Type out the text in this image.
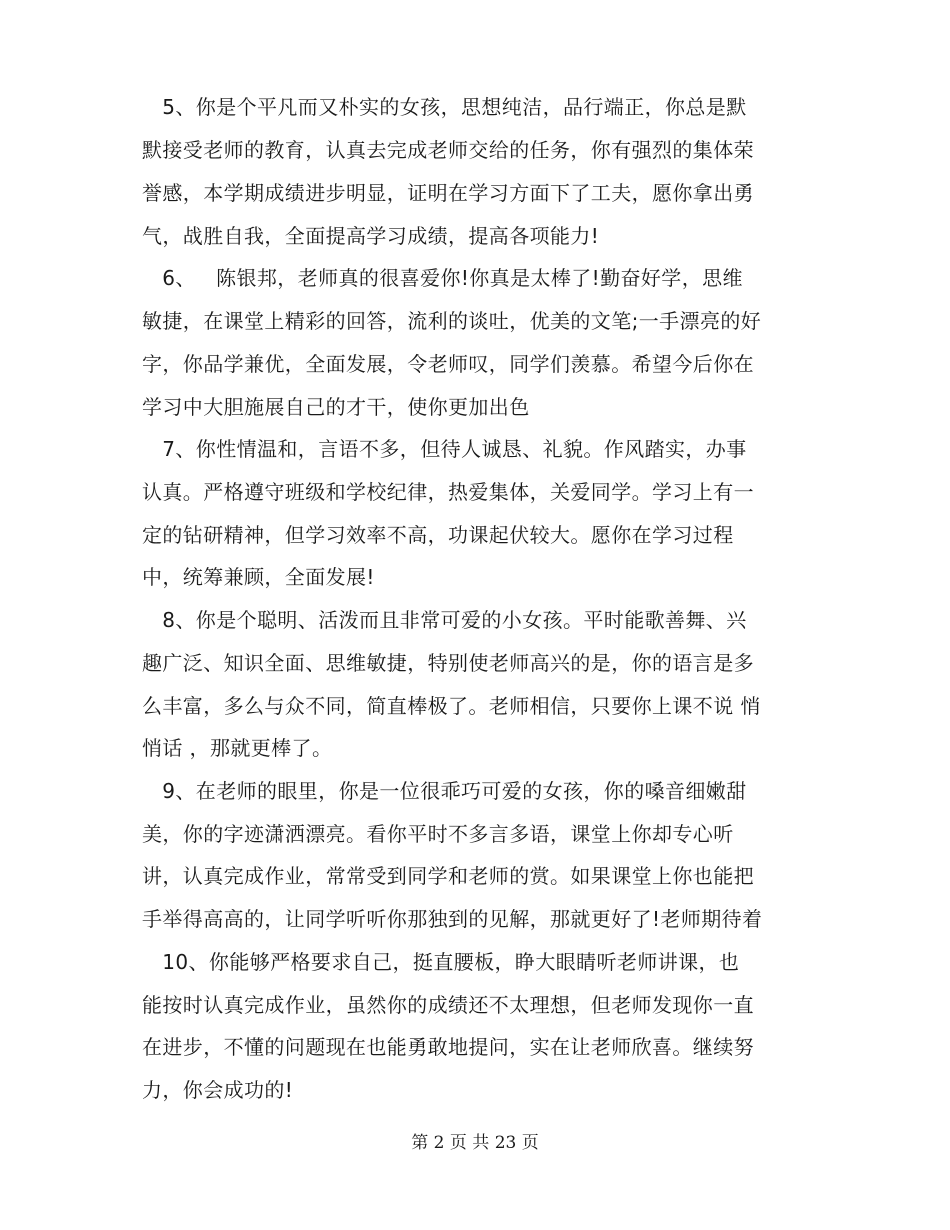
5、你是个平凡而又朴实的女孩，思想纯洁，品行端正，你总是默
默接受老师的教育，认真去完成老师交给的任务，你有强烈的集体荣
誉感，本学期成绩进步明显，证明在学习方面下了工夫，愿你拿出勇
气，战胜自我，全面提高学习成绩，提高各项能力!
6、   陈银邦，老师真的很喜爱你!你真是太棒了!勤奋好学，思维
敏捷，在课堂上精彩的回答，流利的谈吐，优美的文笔;一手漂亮的好
字，你品学兼优，全面发展，令老师叹，同学们羡慕。希望今后你在
学习中大胆施展自己的才干，使你更加出色
7、你性情温和，言语不多，但待人诚恳、礼貌。作风踏实，办事
认真。严格遵守班级和学校纪律，热爱集体，关爱同学。学习上有一
定的钻研精神，但学习效率不高，功课起伏较大。愿你在学习过程
中，统筹兼顾，全面发展!
8、你是个聪明、活泼而且非常可爱的小女孩。平时能歌善舞、兴
趣广泛、知识全面、思维敏捷，特别使老师高兴的是，你的语言是多
么丰富，多么与众不同，简直棒极了。老师相信，只要你上课不说 悄
悄话 ，那就更棒了。
9、在老师的眼里，你是一位很乖巧可爱的女孩，你的嗓音细嫩甜
美，你的字迹潇洒漂亮。看你平时不多言多语，课堂上你却专心听
讲，认真完成作业，常常受到同学和老师的赏。如果课堂上你也能把
手举得高高的，让同学听听你那独到的见解，那就更好了!老师期待着
10、你能够严格要求自己，挺直腰板，睁大眼睛听老师讲课，也
能按时认真完成作业，虽然你的成绩还不太理想，但老师发现你一直
在进步，不懂的问题现在也能勇敢地提问，实在让老师欣喜。继续努
力，你会成功的!
第 2 页 共 23 页
